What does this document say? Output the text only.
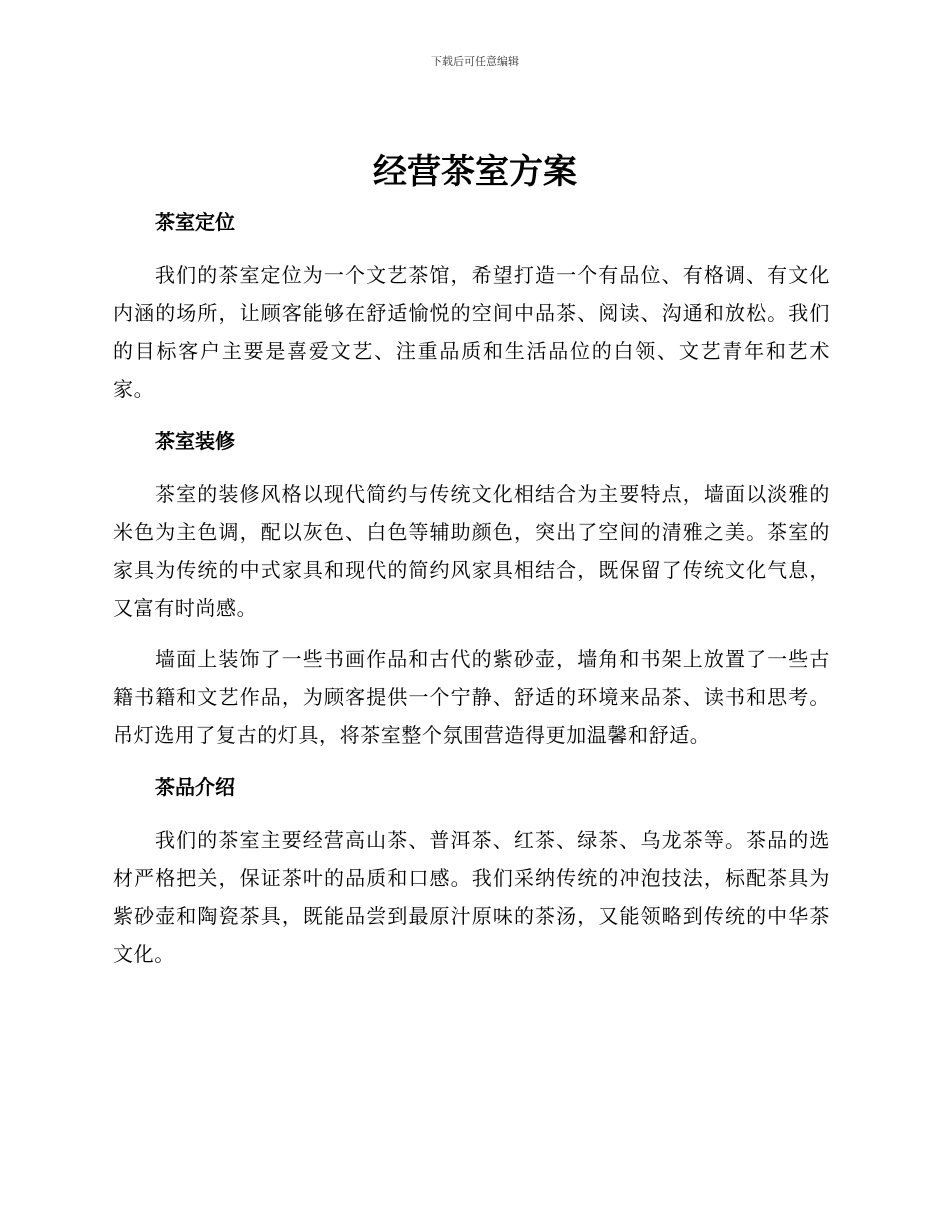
下载后可任意编辑
经营茶室方案
茶室定位

我们的茶室定位为一个文艺茶馆，希望打造一个有品位、有格调、有文化内涵的场所，让顾客能够在舒适愉悦的空间中品茶、阅读、沟通和放松。我们的目标客户主要是喜爱文艺、注重品质和生活品位的白领、文艺青年和艺术家。

茶室装修

茶室的装修风格以现代简约与传统文化相结合为主要特点，墙面以淡雅的米色为主色调，配以灰色、白色等辅助颜色，突出了空间的清雅之美。茶室的家具为传统的中式家具和现代的简约风家具相结合，既保留了传统文化气息，又富有时尚感。

墙面上装饰了一些书画作品和古代的紫砂壶，墙角和书架上放置了一些古籍书籍和文艺作品，为顾客提供一个宁静、舒适的环境来品茶、读书和思考。吊灯选用了复古的灯具，将茶室整个氛围营造得更加温馨和舒适。

茶品介绍

我们的茶室主要经营高山茶、普洱茶、红茶、绿茶、乌龙茶等。茶品的选材严格把关，保证茶叶的品质和口感。我们采纳传统的冲泡技法，标配茶具为紫砂壶和陶瓷茶具，既能品尝到最原汁原味的茶汤，又能领略到传统的中华茶文化。
